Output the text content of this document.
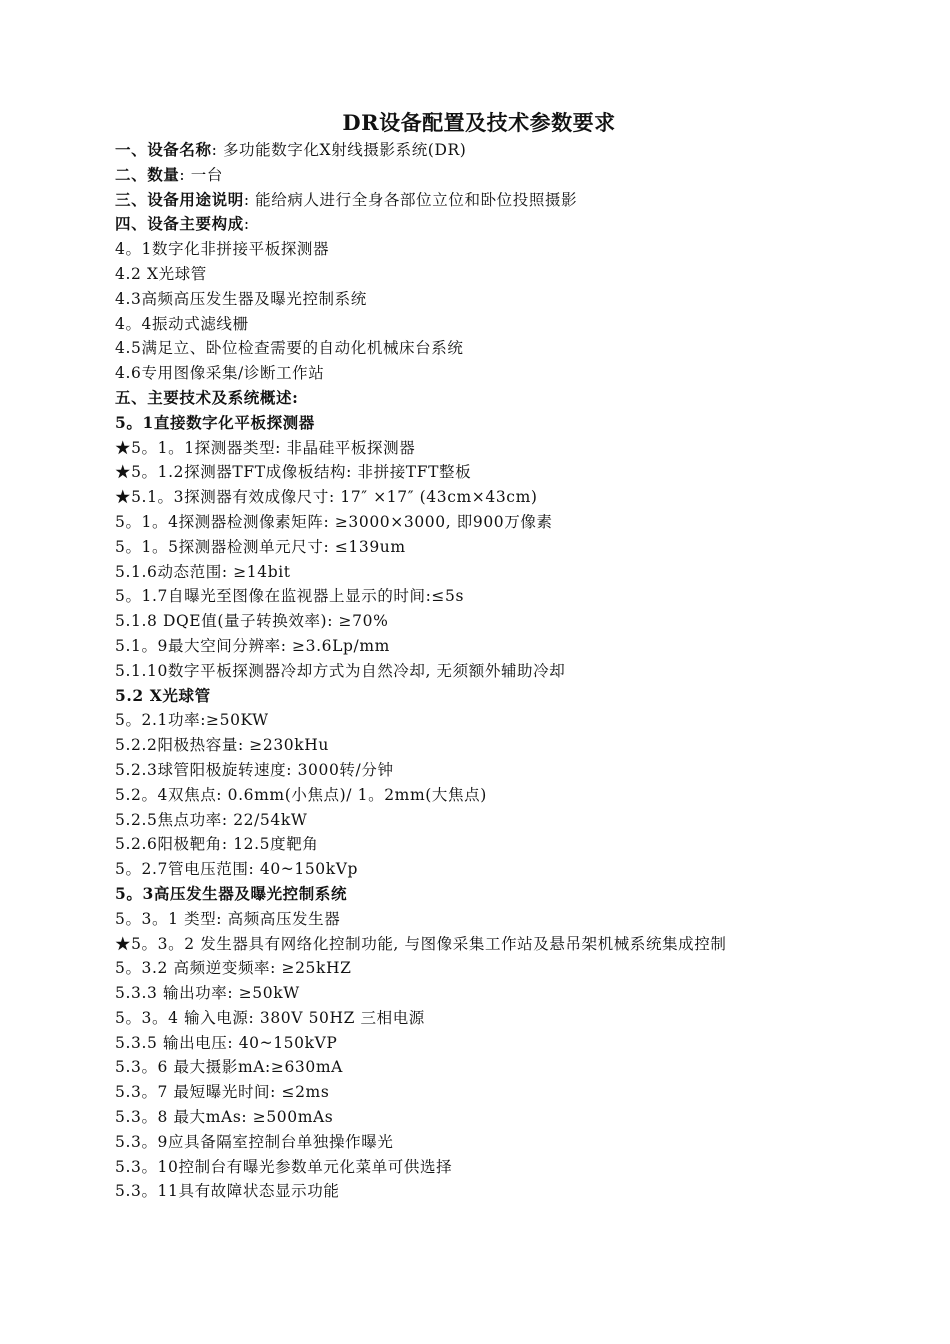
DR设备配置及技术参数要求
一、设备名称: 多功能数字化X射线摄影系统(DR)
二、数量: 一台
三、设备用途说明: 能给病人进行全身各部位立位和卧位投照摄影
四、设备主要构成:
4。1数字化非拼接平板探测器
4.2 X光球管
4.3高频高压发生器及曝光控制系统
4。4振动式滤线栅
4.5满足立、卧位检查需要的自动化机械床台系统
4.6专用图像采集/诊断工作站
五、主要技术及系统概述:
5。1直接数字化平板探测器
★5。1。1探测器类型: 非晶硅平板探测器
★5。1.2探测器TFT成像板结构: 非拼接TFT整板
★5.1。3探测器有效成像尺寸: 17″ ×17″ (43cm×43cm)
5。1。4探测器检测像素矩阵: ≥3000×3000, 即900万像素
5。1。5探测器检测单元尺寸: ≤139um
5.1.6动态范围: ≥14bit
5。1.7自曝光至图像在监视器上显示的时间:≤5s
5.1.8 DQE值(量子转换效率): ≥70%
5.1。9最大空间分辨率: ≥3.6Lp/mm
5.1.10数字平板探测器冷却方式为自然冷却, 无须额外辅助冷却
5.2 X光球管
5。2.1功率:≥50KW
5.2.2阳极热容量: ≥230kHu
5.2.3球管阳极旋转速度: 3000转/分钟
5.2。4双焦点: 0.6mm(小焦点)/ 1。2mm(大焦点)
5.2.5焦点功率: 22/54kW
5.2.6阳极靶角: 12.5度靶角
5。2.7管电压范围: 40~150kVp
5。3高压发生器及曝光控制系统
5。3。1 类型: 高频高压发生器
★5。3。2 发生器具有网络化控制功能, 与图像采集工作站及悬吊架机械系统集成控制
5。3.2 高频逆变频率: ≥25kHZ
5.3.3 输出功率: ≥50kW
5。3。4 输入电源: 380V 50HZ 三相电源
5.3.5 输出电压: 40~150kVP
5.3。6 最大摄影mA:≥630mA
5.3。7 最短曝光时间: ≤2ms
5.3。8 最大mAs: ≥500mAs
5.3。9应具备隔室控制台单独操作曝光
5.3。10控制台有曝光参数单元化菜单可供选择
5.3。11具有故障状态显示功能
